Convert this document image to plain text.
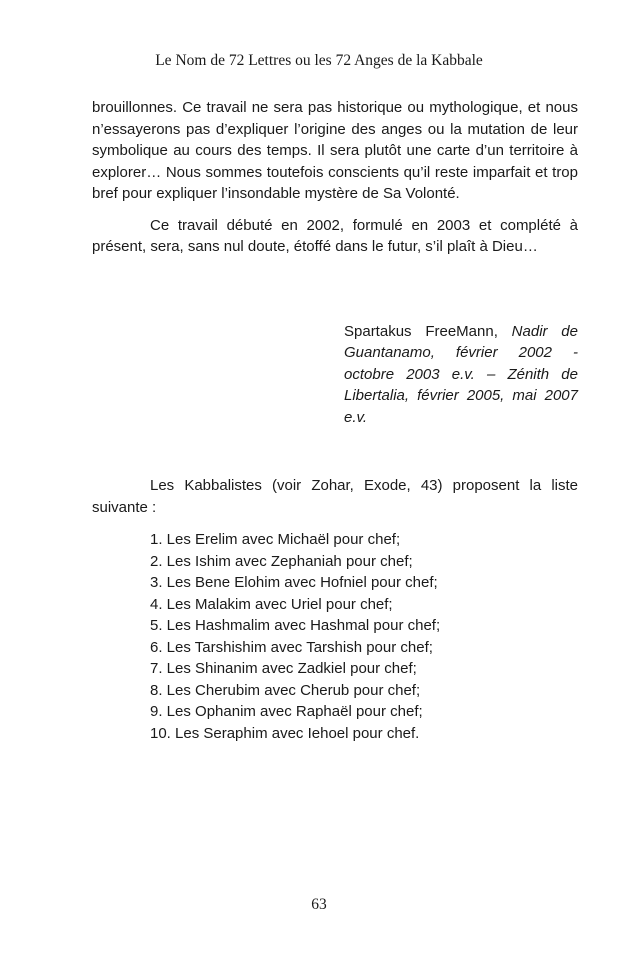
Le Nom de 72 Lettres ou les 72 Anges de la Kabbale

brouillonnes. Ce travail ne sera pas historique ou mythologique, et nous n’essayerons pas d’expliquer l’origine des anges ou la mutation de leur symbolique au cours des temps. Il sera plutôt une carte d’un territoire à explorer… Nous sommes toutefois conscients qu’il reste imparfait et trop bref pour expliquer l’insondable mystère de Sa Volonté.

Ce travail débuté en 2002, formulé en 2003 et complété à présent, sera, sans nul doute, étoffé dans le futur, s’il plaît à Dieu…

Spartakus FreeMann, Nadir de Guantanamo, février 2002 - octobre 2003 e.v. – Zénith de Libertalia, février 2005, mai 2007 e.v.

Les Kabbalistes (voir Zohar, Exode, 43) proposent la liste suivante :

1. Les Erelim avec Michaël pour chef;
2. Les Ishim avec Zephaniah pour chef;
3. Les Bene Elohim avec Hofniel pour chef;
4. Les Malakim avec Uriel pour chef;
5. Les Hashmalim avec Hashmal pour chef;
6. Les Tarshishim avec Tarshish pour chef;
7. Les Shinanim avec Zadkiel pour chef;
8. Les Cherubim avec Cherub pour chef;
9. Les Ophanim avec Raphaël pour chef;
10. Les Seraphim avec Iehoel pour chef.
63
